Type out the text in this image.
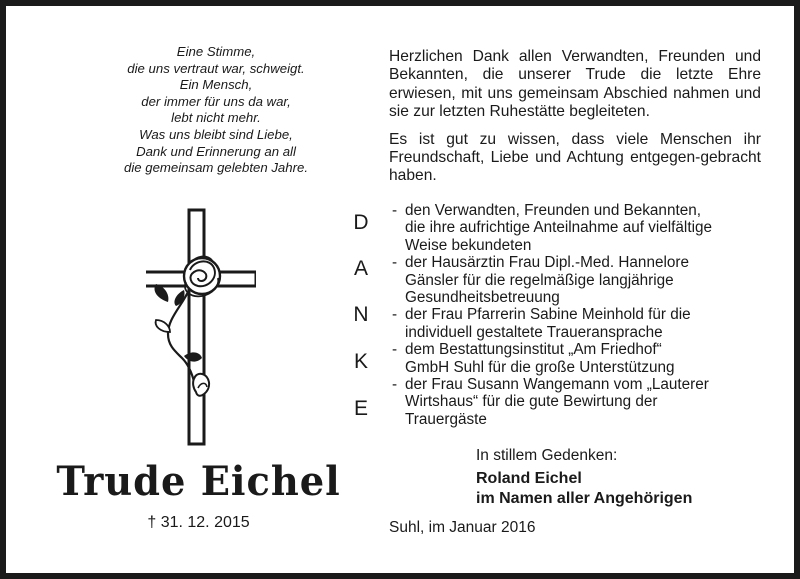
Eine Stimme,
die uns vertraut war, schweigt.
Ein Mensch,
der immer für uns da war,
lebt nicht mehr.
Was uns bleibt sind Liebe,
Dank und Erinnerung an all
die gemeinsam gelebten Jahre.

Herzlichen Dank allen Verwandten, Freunden und Bekannten, die unserer Trude die letzte Ehre erwiesen, mit uns gemeinsam Abschied nahmen und sie zur letzten Ruhestätte begleiteten.

Es ist gut zu wissen, dass viele Menschen ihr Freundschaft, Liebe und Achtung entgegen-gebracht haben.

Trude Eichel
† 31. 12. 2015
D
A
N
K
E
- den Verwandten, Freunden und Bekannten,
die ihre aufrichtige Anteilnahme auf vielfältige
Weise bekundeten
- der Hausärztin Frau Dipl.-Med. Hannelore
Gänsler für die regelmäßige langjährige
Gesundheitsbetreuung
- der Frau Pfarrerin Sabine Meinhold für die
individuell gestaltete Traueransprache
- dem Bestattungsinstitut „Am Friedhof“
GmbH Suhl für die große Unterstützung
- der Frau Susann Wangemann vom „Lauterer
Wirtshaus“ für die gute Bewirtung der
Trauergäste
In stillem Gedenken:
Roland Eichel
im Namen aller Angehörigen
Suhl, im Januar 2016
